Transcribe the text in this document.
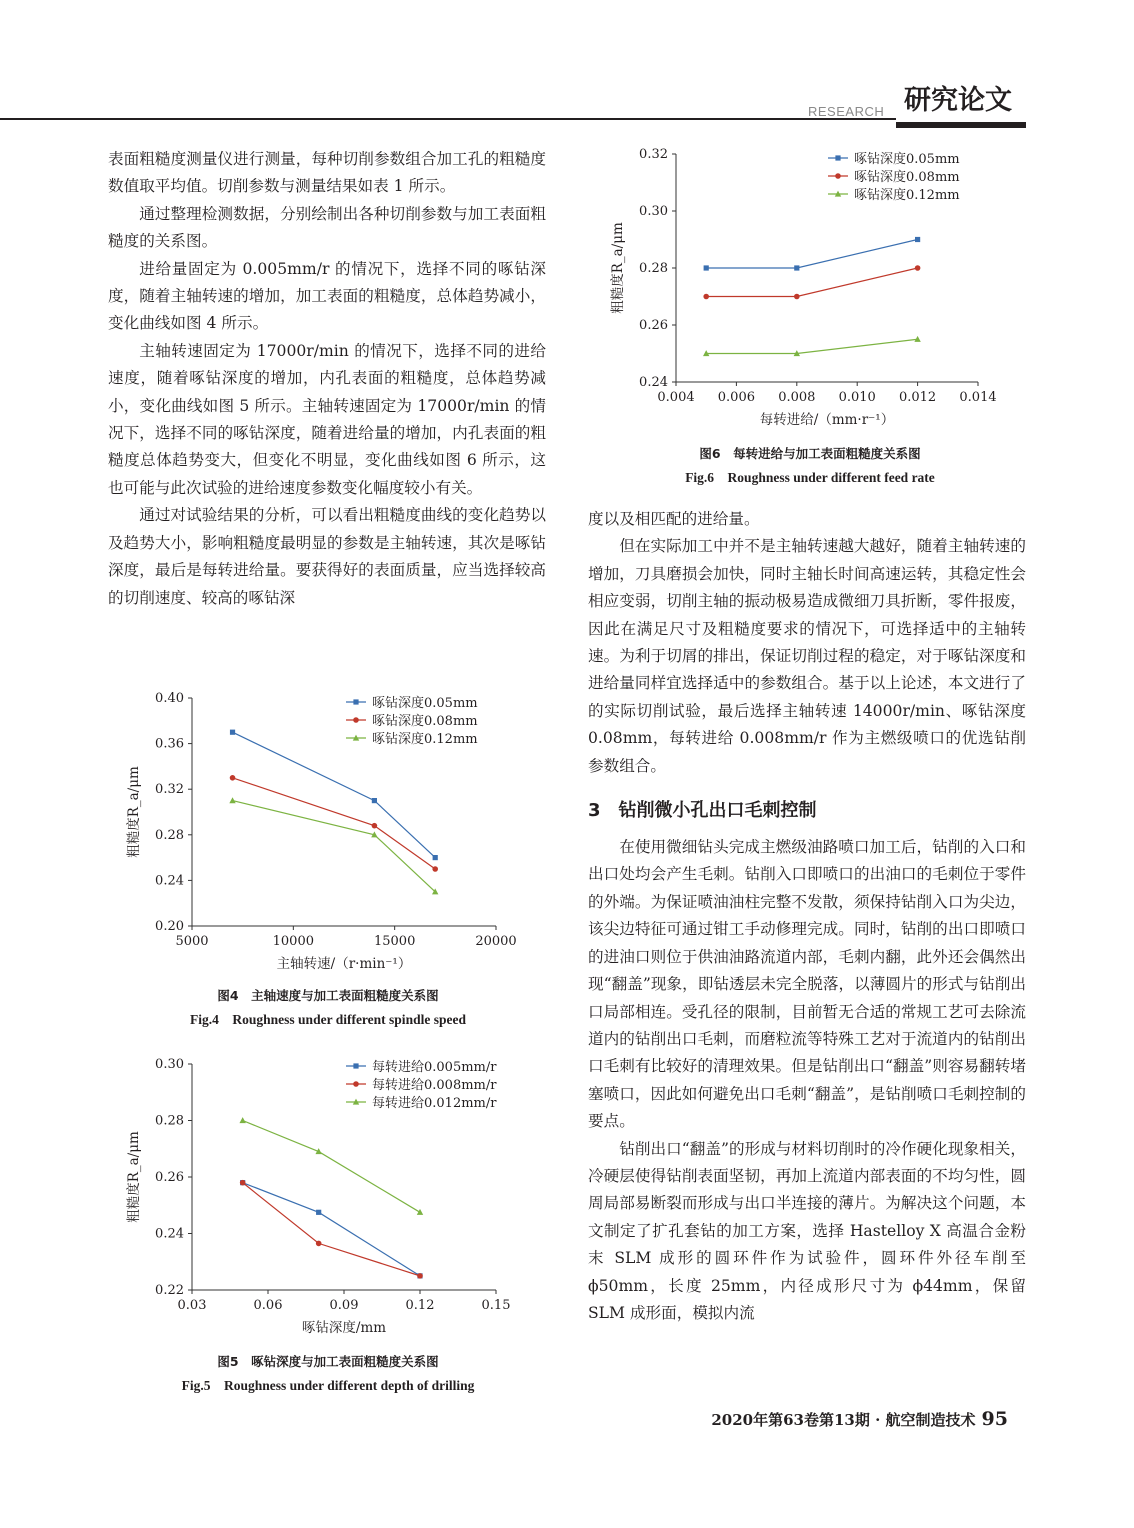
RESEARCH 研究论文

表面粗糙度测量仪进行测量，每种切削参数组合加工孔的粗糙度数值取平均值。切削参数与测量结果如表 1 所示。

通过整理检测数据，分别绘制出各种切削参数与加工表面粗糙度的关系图。

进给量固定为 0.005mm/r 的情况下，选择不同的啄钻深度，随着主轴转速的增加，加工表面的粗糙度，总体趋势减小，变化曲线如图 4 所示。

主轴转速固定为 17000r/min 的情况下，选择不同的进给速度，随着啄钻深度的增加，内孔表面的粗糙度，总体趋势减小，变化曲线如图 5 所示。主轴转速固定为 17000r/min 的情况下，选择不同的啄钻深度，随着进给量的增加，内孔表面的粗糙度总体趋势变大，但变化不明显，变化曲线如图 6 所示，这也可能与此次试验的进给速度参数变化幅度较小有关。

通过对试验结果的分析，可以看出粗糙度曲线的变化趋势以及趋势大小，影响粗糙度最明显的参数是主轴转速，其次是啄钻深度，最后是每转进给量。要获得好的表面质量，应当选择较高的切削速度、较高的啄钻深

度以及相匹配的进给量。

但在实际加工中并不是主轴转速越大越好，随着主轴转速的增加，刀具磨损会加快，同时主轴长时间高速运转，其稳定性会相应变弱，切削主轴的振动极易造成微细刀具折断，零件报废，因此在满足尺寸及粗糙度要求的情况下，可选择适中的主轴转速。为利于切屑的排出，保证切削过程的稳定，对于啄钻深度和进给量同样宜选择适中的参数组合。基于以上论述，本文进行了的实际切削试验，最后选择主轴转速 14000r/min、啄钻深度 0.08mm，每转进给 0.008mm/r 作为主燃级喷口的优选钻削参数组合。

3　钻削微小孔出口毛刺控制

在使用微细钻头完成主燃级油路喷口加工后，钻削的入口和出口处均会产生毛刺。钻削入口即喷口的出油口的毛刺位于零件的外端。为保证喷油油柱完整不发散，须保持钻削入口为尖边，该尖边特征可通过钳工手动修理完成。同时，钻削的出口即喷口的进油口则位于供油油路流道内部，毛刺内翻，此外还会偶然出现“翻盖”现象，即钻透层未完全脱落，以薄圆片的形式与钻削出口局部相连。受孔径的限制，目前暂无合适的常规工艺可去除流道内的钻削出口毛刺，而磨粒流等特殊工艺对于流道内的钻削出口毛刺有比较好的清理效果。但是钻削出口“翻盖”则容易翻转堵塞喷口，因此如何避免出口毛刺“翻盖”，是钻削喷口毛刺控制的要点。

钻削出口“翻盖”的形成与材料切削时的冷作硬化现象相关，冷硬层使得钻削表面坚韧，再加上流道内部表面的不均匀性，圆周局部易断裂而形成与出口半连接的薄片。为解决这个问题，本文制定了扩孔套钻的加工方案，选择 Hastelloy X 高温合金粉末 SLM 成形的圆环件作为试验件，圆环件外径车削至 ϕ50mm，长度 25mm，内径成形尺寸为 ϕ44mm，保留 SLM 成形面，模拟内流

0.24
0.26
0.28
0.30
0.32
0.004 0.006 0.008 0.010 0.012 0.014
每转进给/（mm·r⁻¹）
粗糙度R_a/μm
啄钻深度0.05mm
啄钻深度0.08mm
啄钻深度0.12mm
图6　每转进给与加工表面粗糙度关系图
Fig.6　Roughness under different feed rate
0.20
0.24
0.28
0.32
0.36
0.40
5000	10000	15000	20000
主轴转速/（r·min⁻¹）
粗糙度R_a/μm
啄钻深度0.05mm
啄钻深度0.08mm
啄钻深度0.12mm
图4　主轴速度与加工表面粗糙度关系图
Fig.4　Roughness under different spindle speed
0.22
0.24
0.26
0.28
0.30
0.03	0.06	0.09	0.12	0.15
啄钻深度/mm
粗糙度R_a/μm
每转进给0.005mm/r
每转进给0.008mm/r
每转进给0.012mm/r
图5　啄钻深度与加工表面粗糙度关系图
Fig.5　Roughness under different depth of drilling
2020年第63卷第13期 · 航空制造技术 95
